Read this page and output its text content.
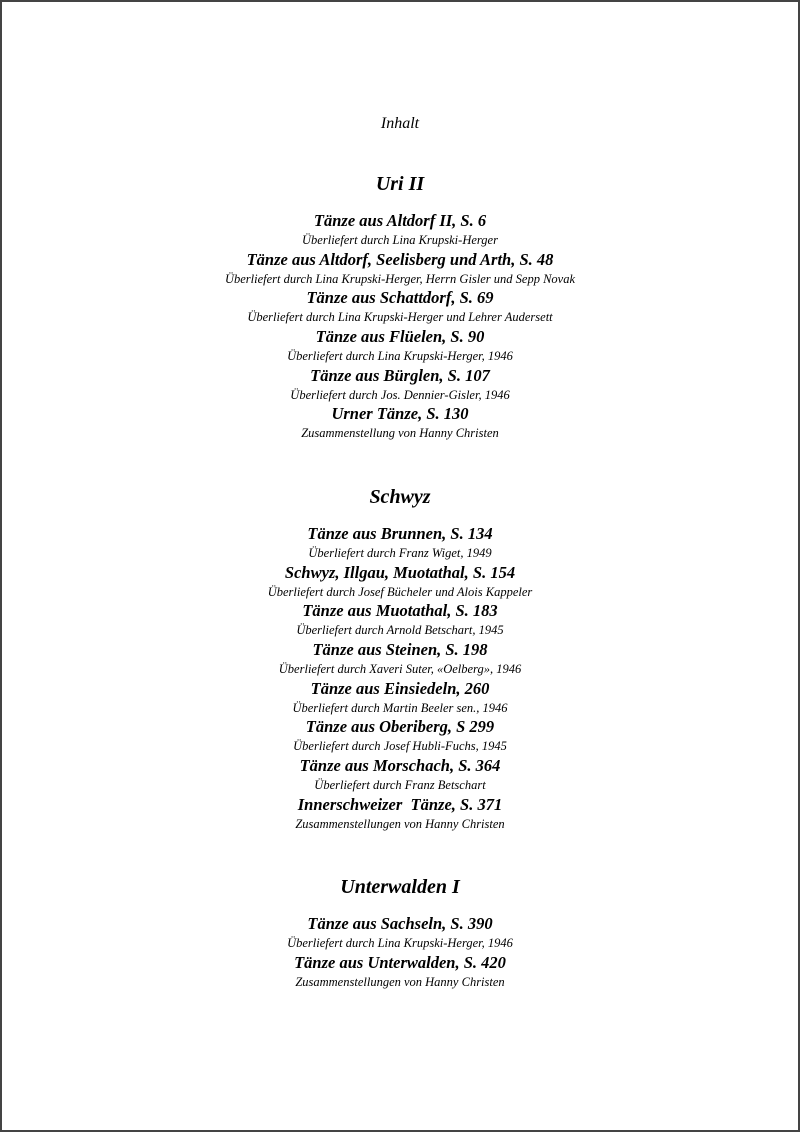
Inhalt
Uri II
Tänze aus Altdorf II, S. 6
Überliefert durch Lina Krupski-Herger
Tänze aus Altdorf, Seelisberg und Arth, S. 48
Überliefert durch Lina Krupski-Herger, Herrn Gisler und Sepp Novak
Tänze aus Schattdorf, S. 69
Überliefert durch Lina Krupski-Herger und Lehrer Audersett
Tänze aus Flüelen, S. 90
Überliefert durch Lina Krupski-Herger, 1946
Tänze aus Bürglen, S. 107
Überliefert durch Jos. Dennier-Gisler, 1946
Urner Tänze, S. 130
Zusammenstellung von Hanny Christen
Schwyz
Tänze aus Brunnen, S. 134
Überliefert durch Franz Wiget, 1949
Schwyz, Illgau, Muotathal, S. 154
Überliefert durch Josef Bücheler und Alois Kappeler
Tänze aus Muotathal, S. 183
Überliefert durch Arnold Betschart, 1945
Tänze aus Steinen, S. 198
Überliefert durch Xaveri Suter, «Oelberg», 1946
Tänze aus Einsiedeln, 260
Überliefert durch Martin Beeler sen., 1946
Tänze aus Oberiberg, S 299
Überliefert durch Josef Hubli-Fuchs, 1945
Tänze aus Morschach, S. 364
Überliefert durch Franz Betschart
Innerschweizer  Tänze, S. 371
Zusammenstellungen von Hanny Christen
Unterwalden I
Tänze aus Sachseln, S. 390
Überliefert durch Lina Krupski-Herger, 1946
Tänze aus Unterwalden, S. 420
Zusammenstellungen von Hanny Christen
